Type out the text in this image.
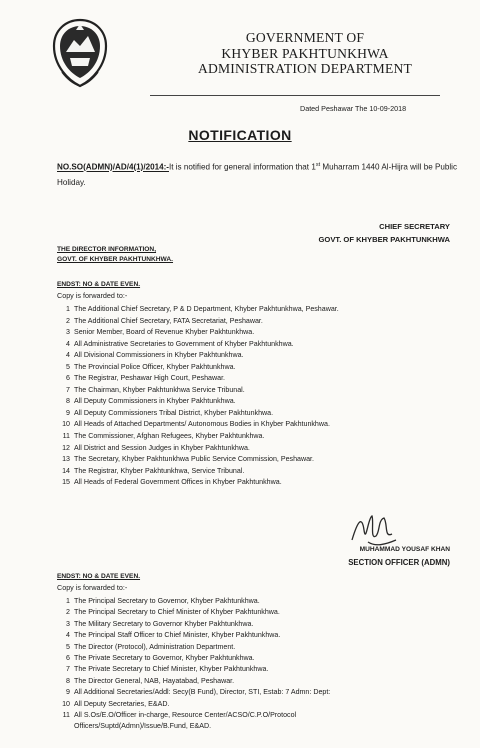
GOVERNMENT OF
KHYBER PAKHTUNKHWA
ADMINISTRATION DEPARTMENT
Dated Peshawar The 10-09-2018
NOTIFICATION
NO.SO(ADMN)/AD/4(1)/2014:-It is notified for general information that 1st Muharram 1440 Al-Hijra will be Public Holiday.
CHIEF SECRETARY
GOVT. OF KHYBER PAKHTUNKHWA
THE DIRECTOR INFORMATION,
GOVT. OF KHYBER PAKHTUNKHWA.
ENDST: NO & DATE EVEN.
Copy is forwarded to:-
1 The Additional Chief Secretary, P & D Department, Khyber Pakhtunkhwa, Peshawar.
2 The Additional Chief Secretary, FATA Secretariat, Peshawar.
3 Senior Member, Board of Revenue Khyber Pakhtunkhwa.
4 All Administrative Secretaries to Government of Khyber Pakhtunkhwa.
4 All Divisional Commissioners in Khyber Pakhtunkhwa.
5 The Provincial Police Officer, Khyber Pakhtunkhwa.
6 The Registrar, Peshawar High Court, Peshawar.
7 The Chairman, Khyber Pakhtunkhwa Service Tribunal.
8 All Deputy Commissioners in Khyber Pakhtunkhwa.
9 All Deputy Commissioners Tribal District, Khyber Pakhtunkhwa.
10 All Heads of Attached Departments/ Autonomous Bodies in Khyber Pakhtunkhwa.
11 The Commissioner, Afghan Refugees, Khyber Pakhtunkhwa.
12 All District and Session Judges in Khyber Pakhtunkhwa.
13 The Secretary, Khyber Pakhtunkhwa Public Service Commission, Peshawar.
14 The Registrar, Khyber Pakhtunkhwa, Service Tribunal.
15 All Heads of Federal Government Offices in Khyber Pakhtunkhwa.
MUHAMMAD YOUSAF KHAN
SECTION OFFICER (ADMN)
ENDST: NO & DATE EVEN.
Copy is forwarded to:-
1 The Principal Secretary to Governor, Khyber Pakhtunkhwa.
2 The Principal Secretary to Chief Minister of Khyber Pakhtunkhwa.
3 The Military Secretary to Governor Khyber Pakhtunkhwa.
4 The Principal Staff Officer to Chief Minister, Khyber Pakhtunkhwa.
5 The Director (Protocol), Administration Department.
6 The Private Secretary to Governor, Khyber Pakhtunkhwa.
7 The Private Secretary to Chief Minister, Khyber Pakhtunkhwa.
8 The Director General, NAB, Hayatabad, Peshawar.
9 All Additional Secretaries/Addl: Secy(B Fund), Director, STI, Estab: 7 Admn: Dept:
10 All Deputy Secretaries, E&AD.
11 All S.Os/E.O/Officer in-charge, Resource Center/ACSO/C.P.O/Protocol
Officers/Suptd(Admn)/Issue/B.Fund, E&AD.
